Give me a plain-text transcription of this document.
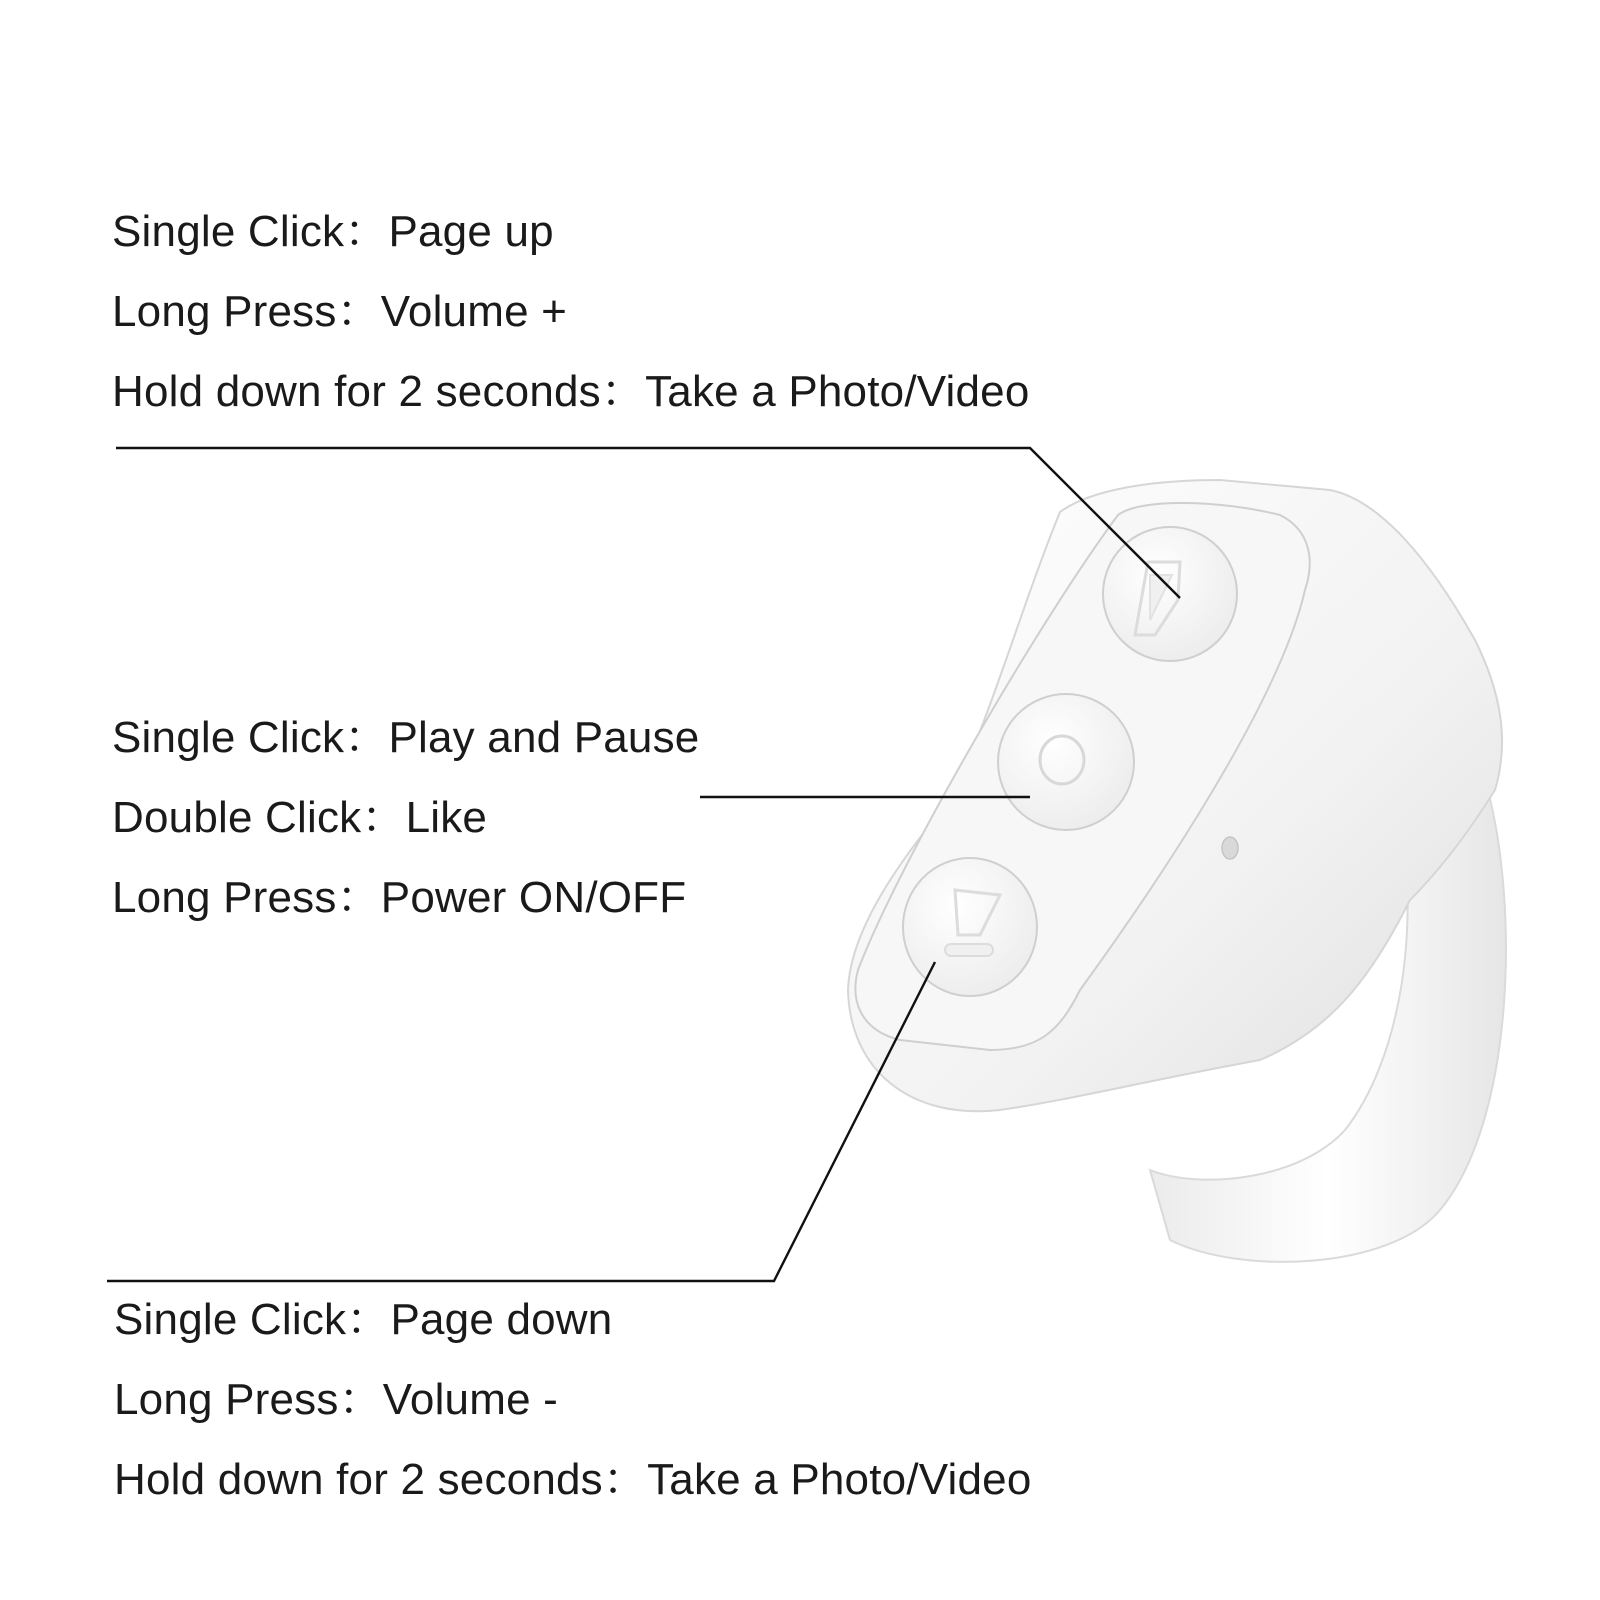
Single Click：Page up
Long Press：Volume +
Hold down for 2 seconds：Take a Photo/Video
Single Click：Play and Pause
Double Click：Like
Long Press：Power ON/OFF
Single Click：Page down
Long Press：Volume -
Hold down for 2 seconds：Take a Photo/Video
